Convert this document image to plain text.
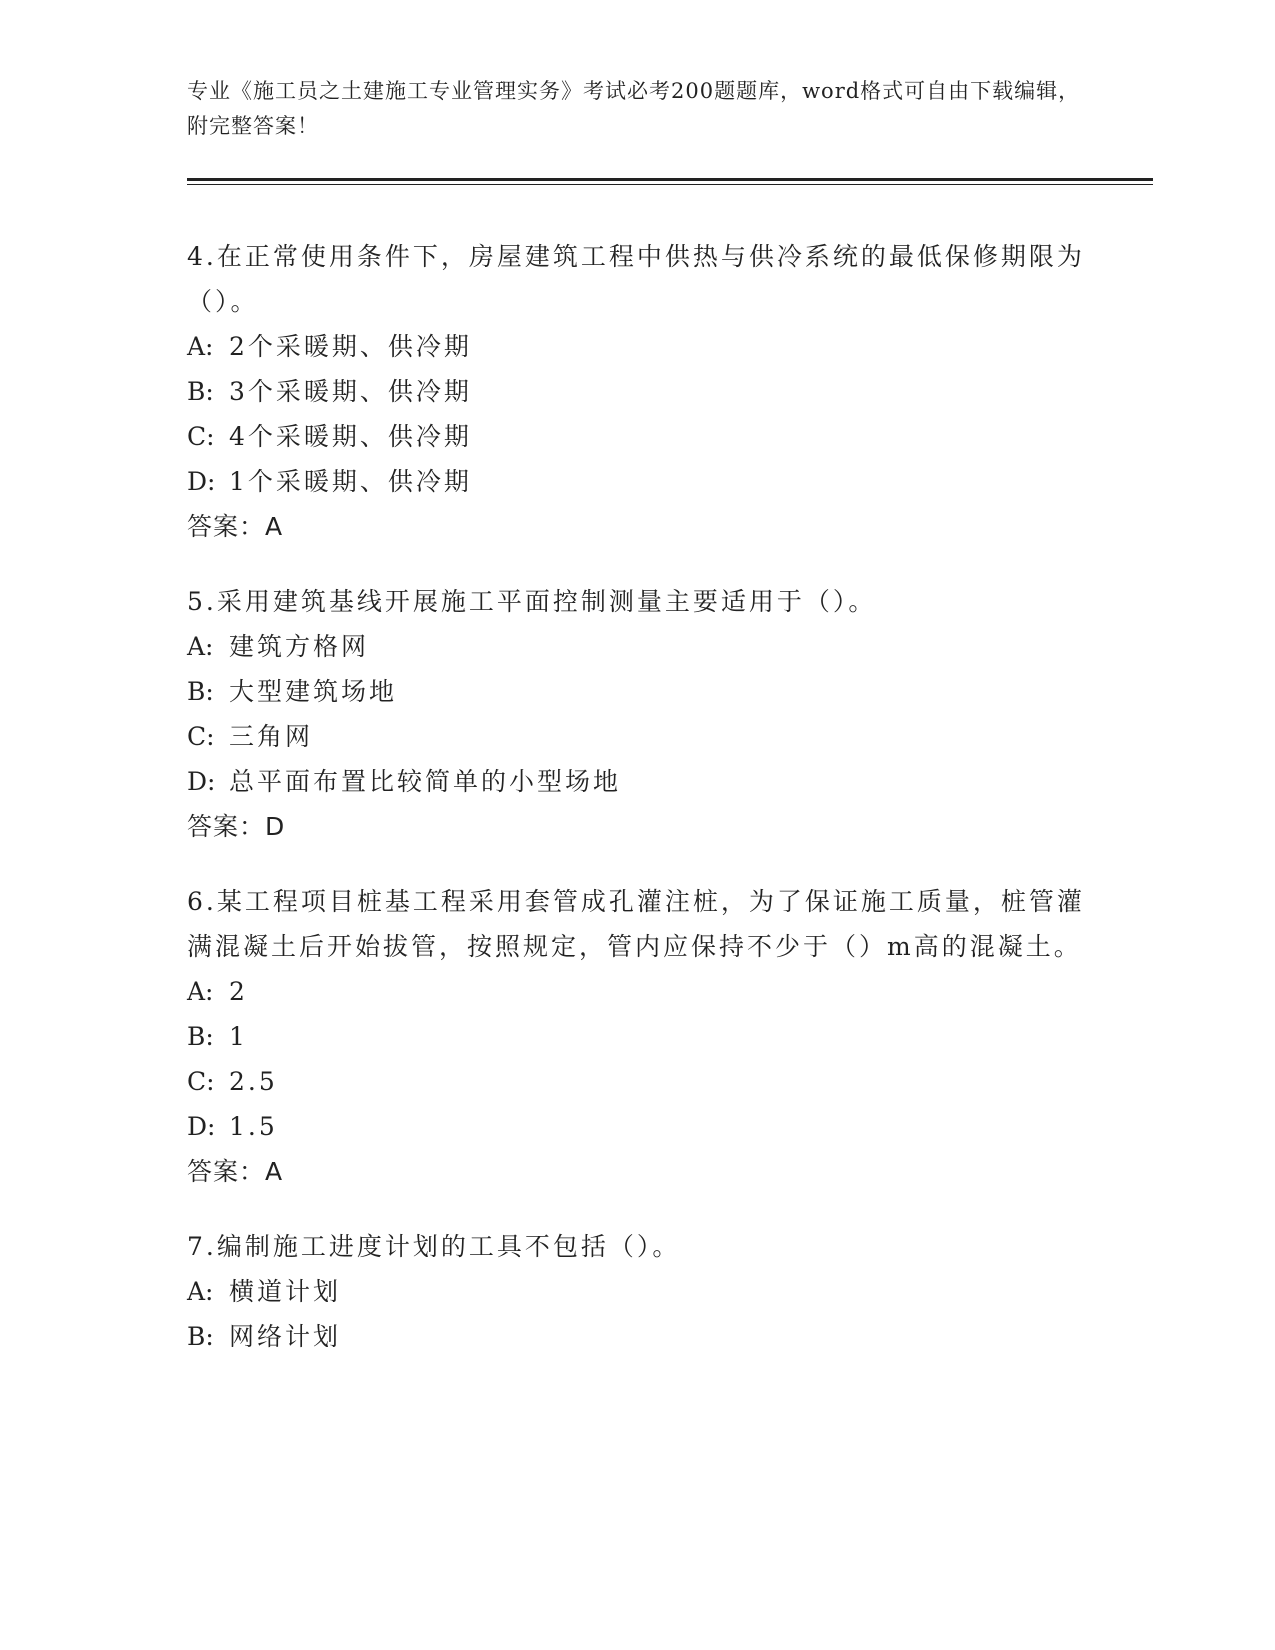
专业《施工员之土建施工专业管理实务》考试必考200题题库，word格式可自由下载编辑，附完整答案！
4.在正常使用条件下，房屋建筑工程中供热与供冷系统的最低保修期限为（）。
A: 2个采暖期、供冷期
B: 3个采暖期、供冷期
C: 4个采暖期、供冷期
D: 1个采暖期、供冷期
答案：A
5.采用建筑基线开展施工平面控制测量主要适用于（）。
A: 建筑方格网
B: 大型建筑场地
C: 三角网
D: 总平面布置比较简单的小型场地
答案：D
6.某工程项目桩基工程采用套管成孔灌注桩，为了保证施工质量，桩管灌满混凝土后开始拔管，按照规定，管内应保持不少于（）m高的混凝土。
A: 2
B: 1
C: 2.5
D: 1.5
答案：A
7.编制施工进度计划的工具不包括（）。
A: 横道计划
B: 网络计划
